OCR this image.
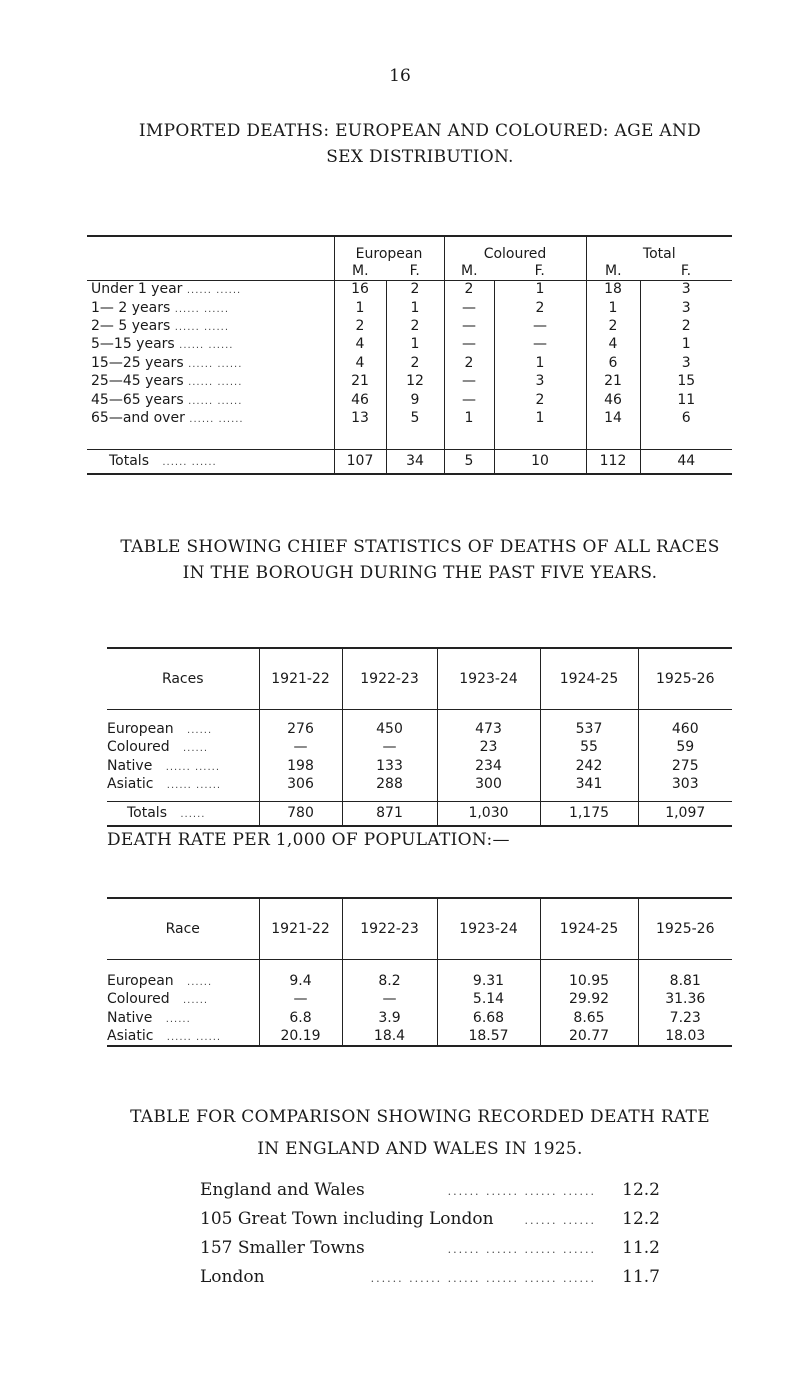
16
IMPORTED DEATHS: EUROPEAN AND COLOURED: AGE AND
SEX DISTRIBUTION.
	European		Coloured		Total	
	M.	F.	M.	F.	M.	F.
Under 1 year ...... ......	16	2	2	1	18	3
1— 2 years ...... ......	1	1	—	2	1	3
2— 5 years ...... ......	2	2	—	—	2	2
5—15 years ...... ......	4	1	—	—	4	1
15—25 years ...... ......	4	2	2	1	6	3
25—45 years ...... ......	21	12	—	3	21	15
45—65 years ...... ......	46	9	—	2	46	11
65—and over ...... ......	13	5	1	1	14	6

Totals ...... ......	107	34	5	10	112	44
TABLE SHOWING CHIEF STATISTICS OF DEATHS OF ALL RACES
IN THE BOROUGH DURING THE PAST FIVE YEARS.
Races	1921-22	1922-23	1923-24	1924-25	1925-26

European ......	276	450	473	537	460
Coloured ......	—	—	23	55	59
Native ...... ......	198	133	234	242	275
Asiatic ...... ......	306	288	300	341	303

Totals ......	780	871	1,030	1,175	1,097
DEATH RATE PER 1,000 OF POPULATION:—
Race	1921-22	1922-23	1923-24	1924-25	1925-26

European ......	9.4	8.2	9.31	10.95	8.81
Coloured ......	—	—	5.14	29.92	31.36
Native ......	6.8	3.9	6.68	8.65	7.23
Asiatic ...... ......	20.19	18.4	18.57	20.77	18.03
TABLE FOR COMPARISON SHOWING RECORDED DEATH RATE
IN ENGLAND AND WALES IN 1925.
England and Wales	...... ...... ...... ......	12.2
105 Great Town including London	...... ......	12.2
157 Smaller Towns	...... ...... ...... ......	11.2
London	...... ...... ...... ...... ...... ......	11.7
